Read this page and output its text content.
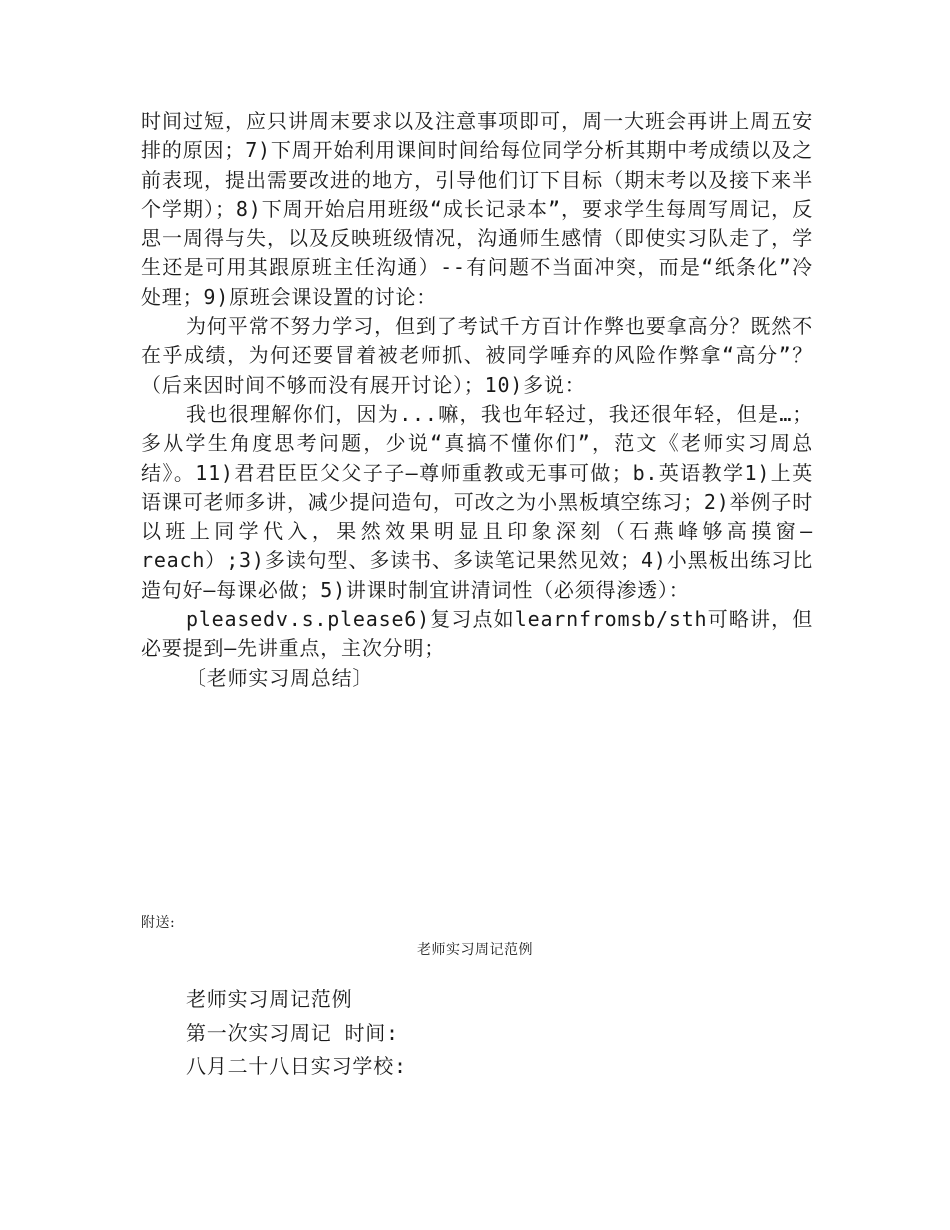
时间过短，应只讲周末要求以及注意事项即可，周一大班会再讲上周五安排的原因；7)下周开始利用课间时间给每位同学分析其期中考成绩以及之前表现，提出需要改进的地方，引导他们订下目标（期末考以及接下来半个学期）；8)下周开始启用班级“成长记录本”，要求学生每周写周记，反思一周得与失，以及反映班级情况，沟通师生感情（即使实习队走了，学生还是可用其跟原班主任沟通）--有问题不当面冲突，而是“纸条化”冷处理；9)原班会课设置的讨论：

为何平常不努力学习，但到了考试千方百计作弊也要拿高分？既然不在乎成绩，为何还要冒着被老师抓、被同学唾弃的风险作弊拿“高分”？（后来因时间不够而没有展开讨论）；10)多说：

我也很理解你们，因为...嘛，我也年轻过，我还很年轻，但是…；多从学生角度思考问题，少说“真搞不懂你们”，范文《老师实习周总结》。11)君君臣臣父父子子—尊师重教或无事可做；b.英语教学1)上英语课可老师多讲，减少提问造句，可改之为小黑板填空练习；2)举例子时以班上同学代入，果然效果明显且印象深刻（石燕峰够高摸窗—reach）;3)多读句型、多读书、多读笔记果然见效；4)小黑板出练习比造句好—每课必做；5)讲课时制宜讲清词性（必须得渗透）：

pleasedv.s.please6)复习点如learnfromsb/sth可略讲，但必要提到—先讲重点，主次分明；

〔老师实习周总结〕

附送:
老师实习周记范例
老师实习周记范例
第一次实习周记 时间:
八月二十八日实习学校:
